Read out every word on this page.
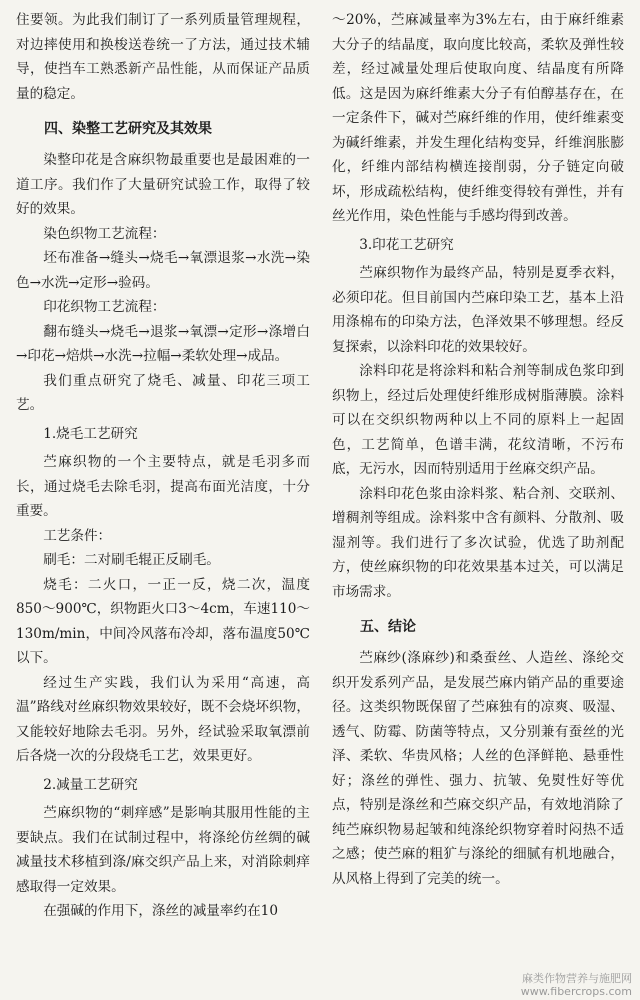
住要领。为此我们制订了一系列质量管理规程，对边摔使用和换梭送卷统一了方法，通过技术辅导，使挡车工熟悉新产品性能，从而保证产品质量的稳定。

四、染整工艺研究及其效果

染整印花是含麻织物最重要也是最困难的一道工序。我们作了大量研究试验工作，取得了较好的效果。

染色织物工艺流程：

坯布准备→缝头→烧毛→氧漂退浆→水洗→染色→水洗→定形→验码。

印花织物工艺流程：

翻布缝头→烧毛→退浆→氧漂→定形→涤增白→印花→焙烘→水洗→拉幅→柔软处理→成品。

我们重点研究了烧毛、减量、印花三项工艺。

1.烧毛工艺研究

苎麻织物的一个主要特点，就是毛羽多而长，通过烧毛去除毛羽，提高布面光洁度，十分重要。

工艺条件：

刷毛：二对刷毛辊正反刷毛。

烧毛：二火口，一正一反，烧二次，温度850～900℃，织物距火口3～4cm，车速110～130m/min，中间冷风落布冷却，落布温度50℃以下。

经过生产实践，我们认为采用“高速，高温”路线对丝麻织物效果较好，既不会烧坏织物，又能较好地除去毛羽。另外，经试验采取氧漂前后各烧一次的分段烧毛工艺，效果更好。

2.减量工艺研究

苎麻织物的“刺痒感”是影响其服用性能的主要缺点。我们在试制过程中，将涤纶仿丝绸的碱减量技术移植到涤/麻交织产品上来，对消除刺痒感取得一定效果。

在强碱的作用下，涤丝的减量率约在10

～20%，苎麻减量率为3%左右，由于麻纤维素大分子的结晶度，取向度比较高，柔软及弹性较差，经过减量处理后使取向度、结晶度有所降低。这是因为麻纤维素大分子有伯醇基存在，在一定条件下，碱对苎麻纤维的作用，使纤维素变为碱纤维素，并发生理化结构变异，纤维润胀膨化，纤维内部结构横连接削弱，分子链定向破坏，形成疏松结构，使纤维变得较有弹性，并有丝光作用，染色性能与手感均得到改善。

3.印花工艺研究

苎麻织物作为最终产品，特别是夏季衣料，必须印花。但目前国内苎麻印染工艺，基本上沿用涤棉布的印染方法，色泽效果不够理想。经反复探索，以涂料印花的效果较好。

涂料印花是将涂料和粘合剂等制成色浆印到织物上，经过后处理使纤维形成树脂薄膜。涂料可以在交织织物两种以上不同的原料上一起固色，工艺简单，色谱丰满，花纹清晰，不污布底，无污水，因而特别适用于丝麻交织产品。

涂料印花色浆由涂料浆、粘合剂、交联剂、增稠剂等组成。涂料浆中含有颜料、分散剂、吸湿剂等。我们进行了多次试验，优选了助剂配方，使丝麻织物的印花效果基本过关，可以满足市场需求。

五、结论

苎麻纱(涤麻纱)和桑蚕丝、人造丝、涤纶交织开发系列产品，是发展苎麻内销产品的重要途径。这类织物既保留了苎麻独有的凉爽、吸湿、透气、防霉、防菌等特点，又分别兼有蚕丝的光泽、柔软、华贵风格；人丝的色泽鲜艳、悬垂性好；涤丝的弹性、强力、抗皱、免熨性好等优点，特别是涤丝和苎麻交织产品，有效地消除了纯苎麻织物易起皱和纯涤纶织物穿着时闷热不适之感；使苎麻的粗犷与涤纶的细腻有机地融合，从风格上得到了完美的统一。

麻类作物营养与施肥网
www.fibercrops.com
